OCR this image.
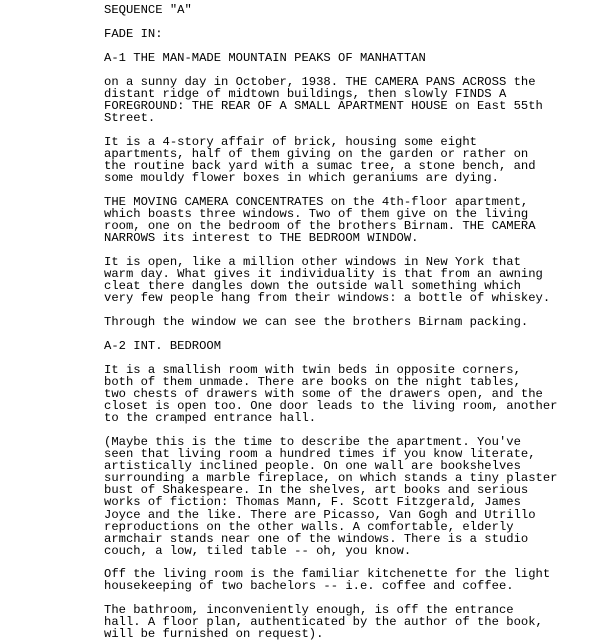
SEQUENCE "A"
FADE IN:
A-1 THE MAN-MADE MOUNTAIN PEAKS OF MANHATTAN
on a sunny day in October, 1938. THE CAMERA PANS ACROSS the
distant ridge of midtown buildings, then slowly FINDS A
FOREGROUND: THE REAR OF A SMALL APARTMENT HOUSE on East 55th
Street.
It is a 4-story affair of brick, housing some eight
apartments, half of them giving on the garden or rather on
the routine back yard with a sumac tree, a stone bench, and
some mouldy flower boxes in which geraniums are dying.
THE MOVING CAMERA CONCENTRATES on the 4th-floor apartment,
which boasts three windows. Two of them give on the living
room, one on the bedroom of the brothers Birnam. THE CAMERA
NARROWS its interest to THE BEDROOM WINDOW.
It is open, like a million other windows in New York that
warm day. What gives it individuality is that from an awning
cleat there dangles down the outside wall something which
very few people hang from their windows: a bottle of whiskey.
Through the window we can see the brothers Birnam packing.
A-2 INT. BEDROOM
It is a smallish room with twin beds in opposite corners,
both of them unmade. There are books on the night tables,
two chests of drawers with some of the drawers open, and the
closet is open too. One door leads to the living room, another
to the cramped entrance hall.
(Maybe this is the time to describe the apartment. You've
seen that living room a hundred times if you know literate,
artistically inclined people. On one wall are bookshelves
surrounding a marble fireplace, on which stands a tiny plaster
bust of Shakespeare. In the shelves, art books and serious
works of fiction: Thomas Mann, F. Scott Fitzgerald, James
Joyce and the like. There are Picasso, Van Gogh and Utrillo
reproductions on the other walls. A comfortable, elderly
armchair stands near one of the windows. There is a studio
couch, a low, tiled table -- oh, you know.
Off the living room is the familiar kitchenette for the light
housekeeping of two bachelors -- i.e. coffee and coffee.
The bathroom, inconveniently enough, is off the entrance
hall. A floor plan, authenticated by the author of the book,
will be furnished on request).
